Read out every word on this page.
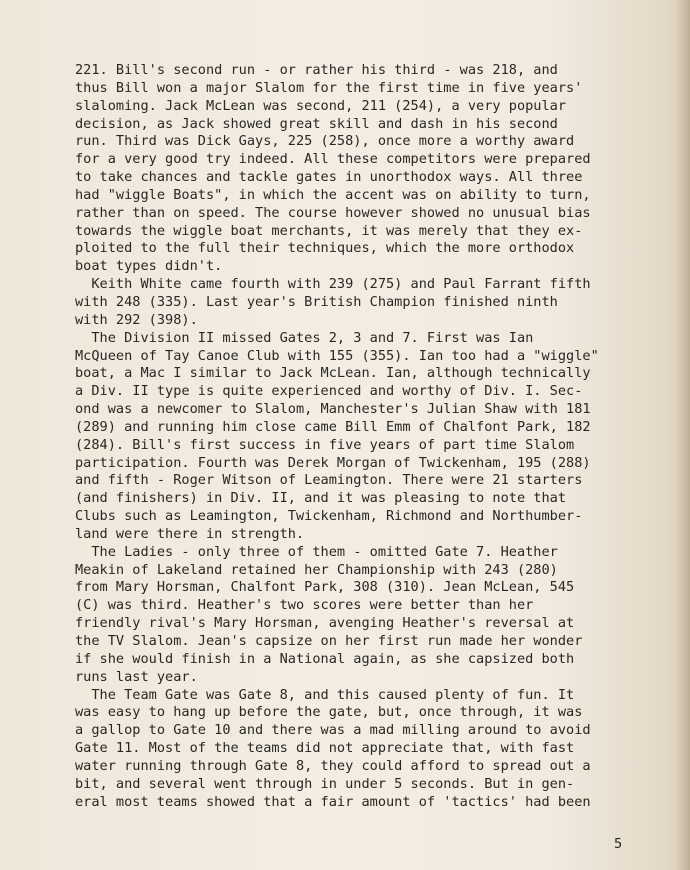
221. Bill's second run - or rather his third - was 218, and
thus Bill won a major Slalom for the first time in five years'
slaloming. Jack McLean was second, 211 (254), a very popular
decision, as Jack showed great skill and dash in his second
run. Third was Dick Gays, 225 (258), once more a worthy award
for a very good try indeed. All these competitors were prepared
to take chances and tackle gates in unorthodox ways. All three
had "wiggle Boats", in which the accent was on ability to turn,
rather than on speed. The course however showed no unusual bias
towards the wiggle boat merchants, it was merely that they ex-
ploited to the full their techniques, which the more orthodox
boat types didn't.
Keith White came fourth with 239 (275) and Paul Farrant fifth
with 248 (335). Last year's British Champion finished ninth
with 292 (398).
The Division II missed Gates 2, 3 and 7. First was Ian
McQueen of Tay Canoe Club with 155 (355). Ian too had a "wiggle"
boat, a Mac I similar to Jack McLean. Ian, although technically
a Div. II type is quite experienced and worthy of Div. I. Sec-
ond was a newcomer to Slalom, Manchester's Julian Shaw with 181
(289) and running him close came Bill Emm of Chalfont Park, 182
(284). Bill's first success in five years of part time Slalom
participation. Fourth was Derek Morgan of Twickenham, 195 (288)
and fifth - Roger Witson of Leamington. There were 21 starters
(and finishers) in Div. II, and it was pleasing to note that
Clubs such as Leamington, Twickenham, Richmond and Northumber-
land were there in strength.
The Ladies - only three of them - omitted Gate 7. Heather
Meakin of Lakeland retained her Championship with 243 (280)
from Mary Horsman, Chalfont Park, 308 (310). Jean McLean, 545
(C) was third. Heather's two scores were better than her
friendly rival's Mary Horsman, avenging Heather's reversal at
the TV Slalom. Jean's capsize on her first run made her wonder
if she would finish in a National again, as she capsized both
runs last year.
The Team Gate was Gate 8, and this caused plenty of fun. It
was easy to hang up before the gate, but, once through, it was
a gallop to Gate 10 and there was a mad milling around to avoid
Gate 11. Most of the teams did not appreciate that, with fast
water running through Gate 8, they could afford to spread out a
bit, and several went through in under 5 seconds. But in gen-
eral most teams showed that a fair amount of 'tactics' had been
5
